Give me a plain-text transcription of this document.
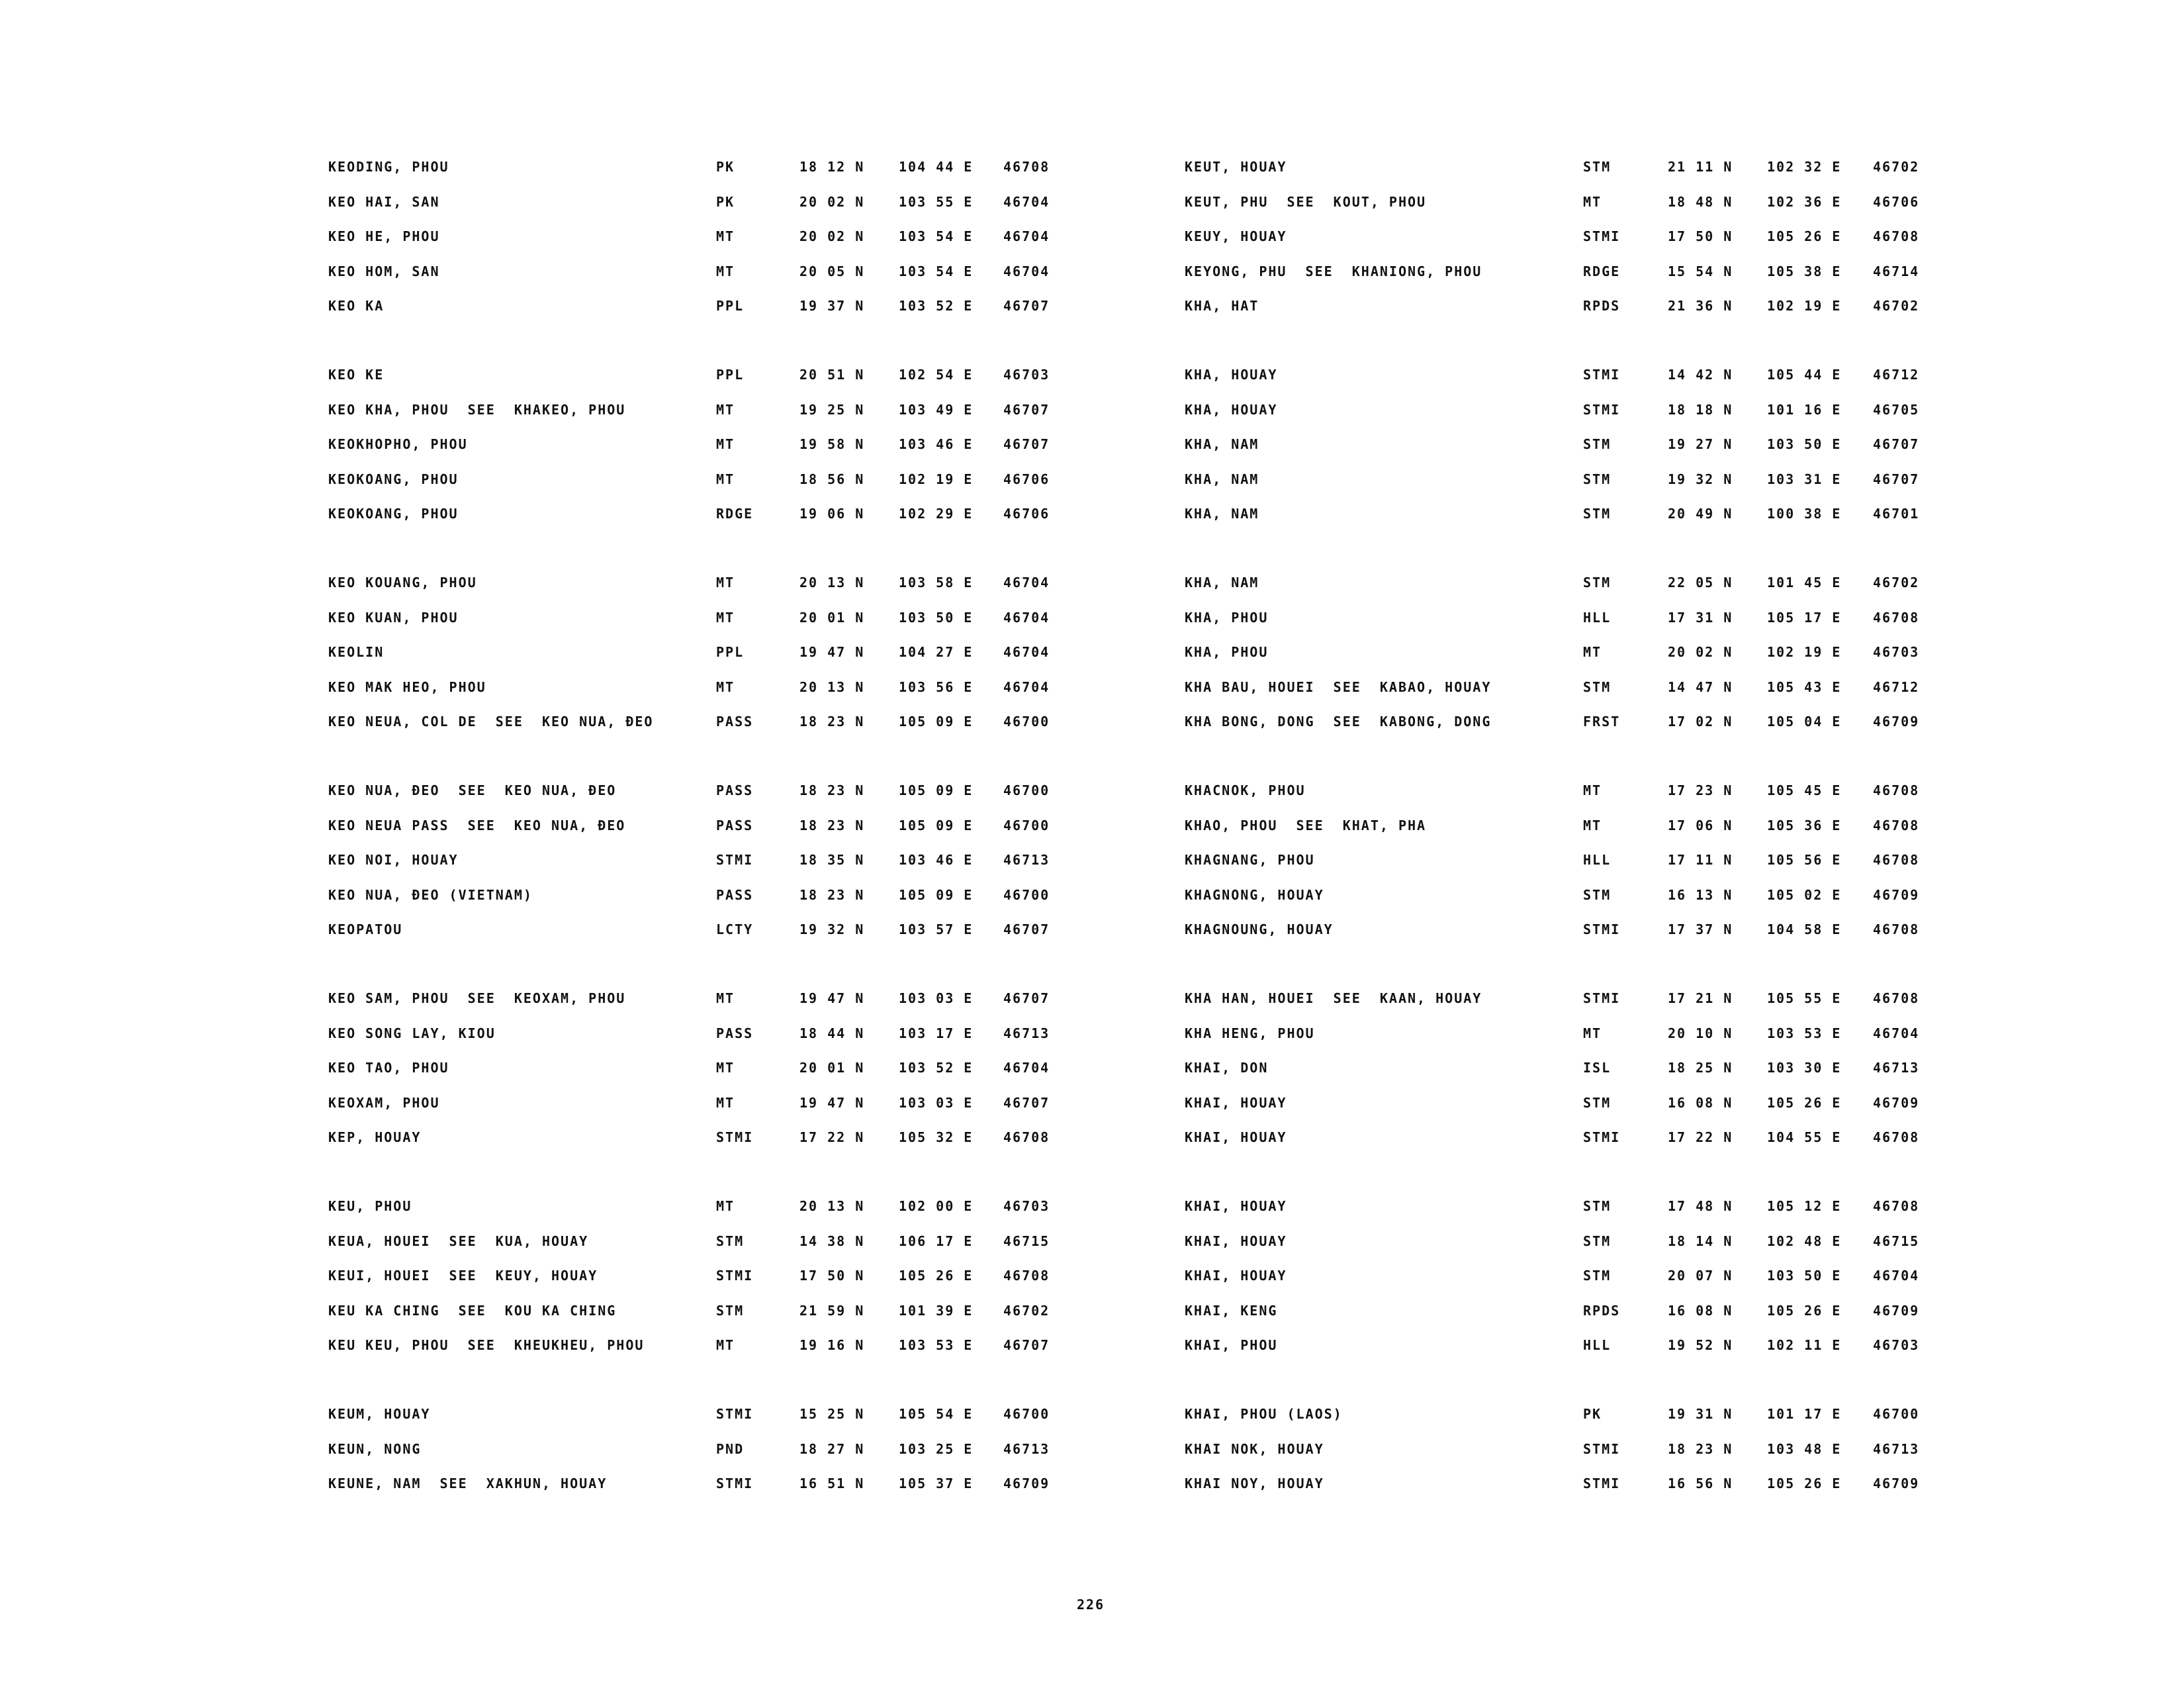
KEODING, PHOU	PK	18 12 N	104 44 E 46708
KEO HAI, SAN	PK	20 02 N	103 55 E 46704
KEO HE, PHOU	MT	20 02 N	103 54 E 46704
KEO HOM, SAN	MT	20 05 N	103 54 E 46704
KEO KA	PPL	19 37 N	103 52 E 46707
KEO KE	PPL	20 51 N	102 54 E 46703
KEO KHA, PHOU  SEE  KHAKEO, PHOU	MT	19 25 N	103 49 E 46707
KEOKHOPHO, PHOU	MT	19 58 N	103 46 E 46707
KEOKOANG, PHOU	MT	18 56 N	102 19 E 46706
KEOKOANG, PHOU	RDGE	19 06 N	102 29 E 46706
KEO KOUANG, PHOU	MT	20 13 N	103 58 E 46704
KEO KUAN, PHOU	MT	20 01 N	103 50 E 46704
KEOLIN	PPL	19 47 N	104 27 E 46704
KEO MAK HEO, PHOU	MT	20 13 N	103 56 E 46704
KEO NEUA, COL DE  SEE  KEO NUA, ĐEO	PASS	18 23 N	105 09 E 46700
KEO NUA, ĐEO  SEE  KEO NUA, ĐEO	PASS	18 23 N	105 09 E 46700
KEO NEUA PASS  SEE  KEO NUA, ĐEO	PASS	18 23 N	105 09 E 46700
KEO NOI, HOUAY	STMI	18 35 N	103 46 E 46713
KEO NUA, ĐEO (VIETNAM)	PASS	18 23 N	105 09 E 46700
KEOPATOU	LCTY	19 32 N	103 57 E 46707
KEO SAM, PHOU  SEE  KEOXAM, PHOU	MT	19 47 N	103 03 E 46707
KEO SONG LAY, KIOU	PASS	18 44 N	103 17 E 46713
KEO TAO, PHOU	MT	20 01 N	103 52 E 46704
KEOXAM, PHOU	MT	19 47 N	103 03 E 46707
KEP, HOUAY	STMI	17 22 N	105 32 E 46708
KEU, PHOU	MT	20 13 N	102 00 E 46703
KEUA, HOUEI  SEE  KUA, HOUAY	STM	14 38 N	106 17 E 46715
KEUI, HOUEI  SEE  KEUY, HOUAY	STMI	17 50 N	105 26 E 46708
KEU KA CHING  SEE  KOU KA CHING	STM	21 59 N	101 39 E 46702
KEU KEU, PHOU  SEE  KHEUKHEU, PHOU	MT	19 16 N	103 53 E 46707
KEUM, HOUAY	STMI	15 25 N	105 54 E 46700
KEUN, NONG	PND	18 27 N	103 25 E 46713
KEUNE, NAM  SEE  XAKHUN, HOUAY	STMI	16 51 N	105 37 E 46709
KEUT, HOUAY	STM	21 11 N	102 32 E 46702
KEUT, PHU  SEE  KOUT, PHOU	MT	18 48 N	102 36 E 46706
KEUY, HOUAY	STMI	17 50 N	105 26 E 46708
KEYONG, PHU  SEE  KHANIONG, PHOU	RDGE	15 54 N	105 38 E 46714
KHA, HAT	RPDS	21 36 N	102 19 E 46702
KHA, HOUAY	STMI	14 42 N	105 44 E 46712
KHA, HOUAY	STMI	18 18 N	101 16 E 46705
KHA, NAM	STM	19 27 N	103 50 E 46707
KHA, NAM	STM	19 32 N	103 31 E 46707
KHA, NAM	STM	20 49 N	100 38 E 46701
KHA, NAM	STM	22 05 N	101 45 E 46702
KHA, PHOU	HLL	17 31 N	105 17 E 46708
KHA, PHOU	MT	20 02 N	102 19 E 46703
KHA BAU, HOUEI  SEE  KABAO, HOUAY	STM	14 47 N	105 43 E 46712
KHA BONG, DONG  SEE  KABONG, DONG	FRST	17 02 N	105 04 E 46709
KHACNOK, PHOU	MT	17 23 N	105 45 E 46708
KHAO, PHOU  SEE  KHAT, PHA	MT	17 06 N	105 36 E 46708
KHAGNANG, PHOU	HLL	17 11 N	105 56 E 46708
KHAGNONG, HOUAY	STM	16 13 N	105 02 E 46709
KHAGNOUNG, HOUAY	STMI	17 37 N	104 58 E 46708
KHA HAN, HOUEI  SEE  KAAN, HOUAY	STMI	17 21 N	105 55 E 46708
KHA HENG, PHOU	MT	20 10 N	103 53 E 46704
KHAI, DON	ISL	18 25 N	103 30 E 46713
KHAI, HOUAY	STM	16 08 N	105 26 E 46709
KHAI, HOUAY	STMI	17 22 N	104 55 E 46708
KHAI, HOUAY	STM	17 48 N	105 12 E 46708
KHAI, HOUAY	STM	18 14 N	102 48 E 46715
KHAI, HOUAY	STM	20 07 N	103 50 E 46704
KHAI, KENG	RPDS	16 08 N	105 26 E 46709
KHAI, PHOU	HLL	19 52 N	102 11 E 46703
KHAI, PHOU (LAOS)	PK	19 31 N	101 17 E 46700
KHAI NOK, HOUAY	STMI	18 23 N	103 48 E 46713
KHAI NOY, HOUAY	STMI	16 56 N	105 26 E 46709
226
